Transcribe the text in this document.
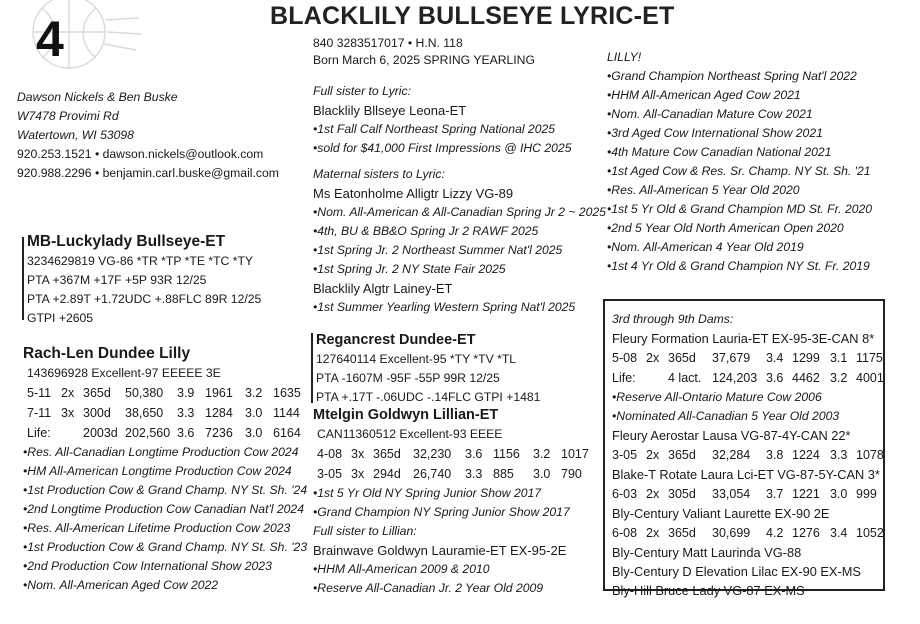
4	BLACKLILY BULLSEYE LYRIC-ET
840 3283517017 • H.N. 118
Born March 6, 2025 SPRING YEARLING
Dawson Nickels & Ben Buske
W7478 Provimi Rd
Watertown, WI 53098
920.253.1521 • dawson.nickels@outlook.com
920.988.2296 • benjamin.carl.buske@gmail.com
MB-Luckylady Bullseye-ET
3234629819 VG-86 *TR *TP *TE *TC *TY
PTA +367M +17F +5P 93R 12/25
PTA +2.89T +1.72UDC +.88FLC 89R 12/25
GTPI +2605
Rach-Len Dundee Lilly
143696928 Excellent-97 EEEEE 3E
5-11 2x 365d	50,380	3.9 1961 3.2 1635
7-11 3x 300d	38,650	3.3 1284 3.0 1144
Life:	2003d 202,560 3.6 7236 3.0 6164
•Res. All-Canadian Longtime Production Cow 2024
•HM All-American Longtime Production Cow 2024
•1st Production Cow & Grand Champ. NY St. Sh. '24
•2nd Longtime Production Cow Canadian Nat'l 2024
•Res. All-American Lifetime Production Cow 2023
•1st Production Cow & Grand Champ. NY St. Sh. '23
•2nd Production Cow International Show 2023
•Nom. All-American Aged Cow 2022
Full sister to Lyric:
Blacklily Bllseye Leona-ET
•1st Fall Calf Northeast Spring National 2025
•sold for $41,000 First Impressions @ IHC 2025
Maternal sisters to Lyric:
Ms Eatonholme Alligtr Lizzy VG-89
•Nom. All-American & All-Canadian Spring Jr 2 ~ 2025
•4th, BU & BB&O Spring Jr 2 RAWF 2025
•1st Spring Jr. 2 Northeast Summer Nat'l 2025
•1st Spring Jr. 2 NY State Fair 2025
Blacklily Algtr Lainey-ET
•1st Summer Yearling Western Spring Nat'l 2025
Regancrest Dundee-ET
127640114 Excellent-95 *TY *TV *TL
PTA -1607M -95F -55P 99R 12/25
PTA +.17T -.06UDC -.14FLC GTPI +1481
Mtelgin Goldwyn Lillian-ET
CAN11360512 Excellent-93 EEEE
4-08 3x 365d 32,230	3.6 1156	3.2 1017
3-05 3x 294d 26,740	3.3 885	3.0 790
•1st 5 Yr Old NY Spring Junior Show 2017
•Grand Champion NY Spring Junior Show 2017
Full sister to Lillian:
Brainwave Goldwyn Lauramie-ET EX-95-2E
•HHM All-American 2009 & 2010
•Reserve All-Canadian Jr. 2 Year Old 2009
LILLY!
•Grand Champion Northeast Spring Nat'l 2022
•HHM All-American Aged Cow 2021
•Nom. All-Canadian Mature Cow 2021
•3rd Aged Cow International Show 2021
•4th Mature Cow Canadian National 2021
•1st Aged Cow & Res. Sr. Champ. NY St. Sh. '21
•Res. All-American 5 Year Old 2020
•1st 5 Yr Old & Grand Champion MD St. Fr. 2020
•2nd 5 Year Old North American Open 2020
•Nom. All-American 4 Year Old 2019
•1st 4 Yr Old & Grand Champion NY St. Fr. 2019
3rd through 9th Dams:
Fleury Formation Lauria-ET EX-95-3E-CAN 8*
5-08 2x 365d	37,679	3.4 1299 3.1 1175
Life:	4 lact. 124,203 3.6 4462 3.2 4001
•Reserve All-Ontario Mature Cow 2006
•Nominated All-Canadian 5 Year Old 2003
Fleury Aerostar Lausa VG-87-4Y-CAN 22*
3-05 2x 365d	32,284	3.8 1224 3.3 1078
Blake-T Rotate Laura Lci-ET VG-87-5Y-CAN 3*
6-03 2x 305d	33,054	3.7 1221 3.0 999
Bly-Century Valiant Laurette EX-90 2E
6-08 2x 365d	30,699	4.2 1276 3.4 1052
Bly-Century Matt Laurinda VG-88
Bly-Century D Elevation Lilac EX-90 EX-MS
Bly-Hill Bruce Lady VG-87 EX-MS
